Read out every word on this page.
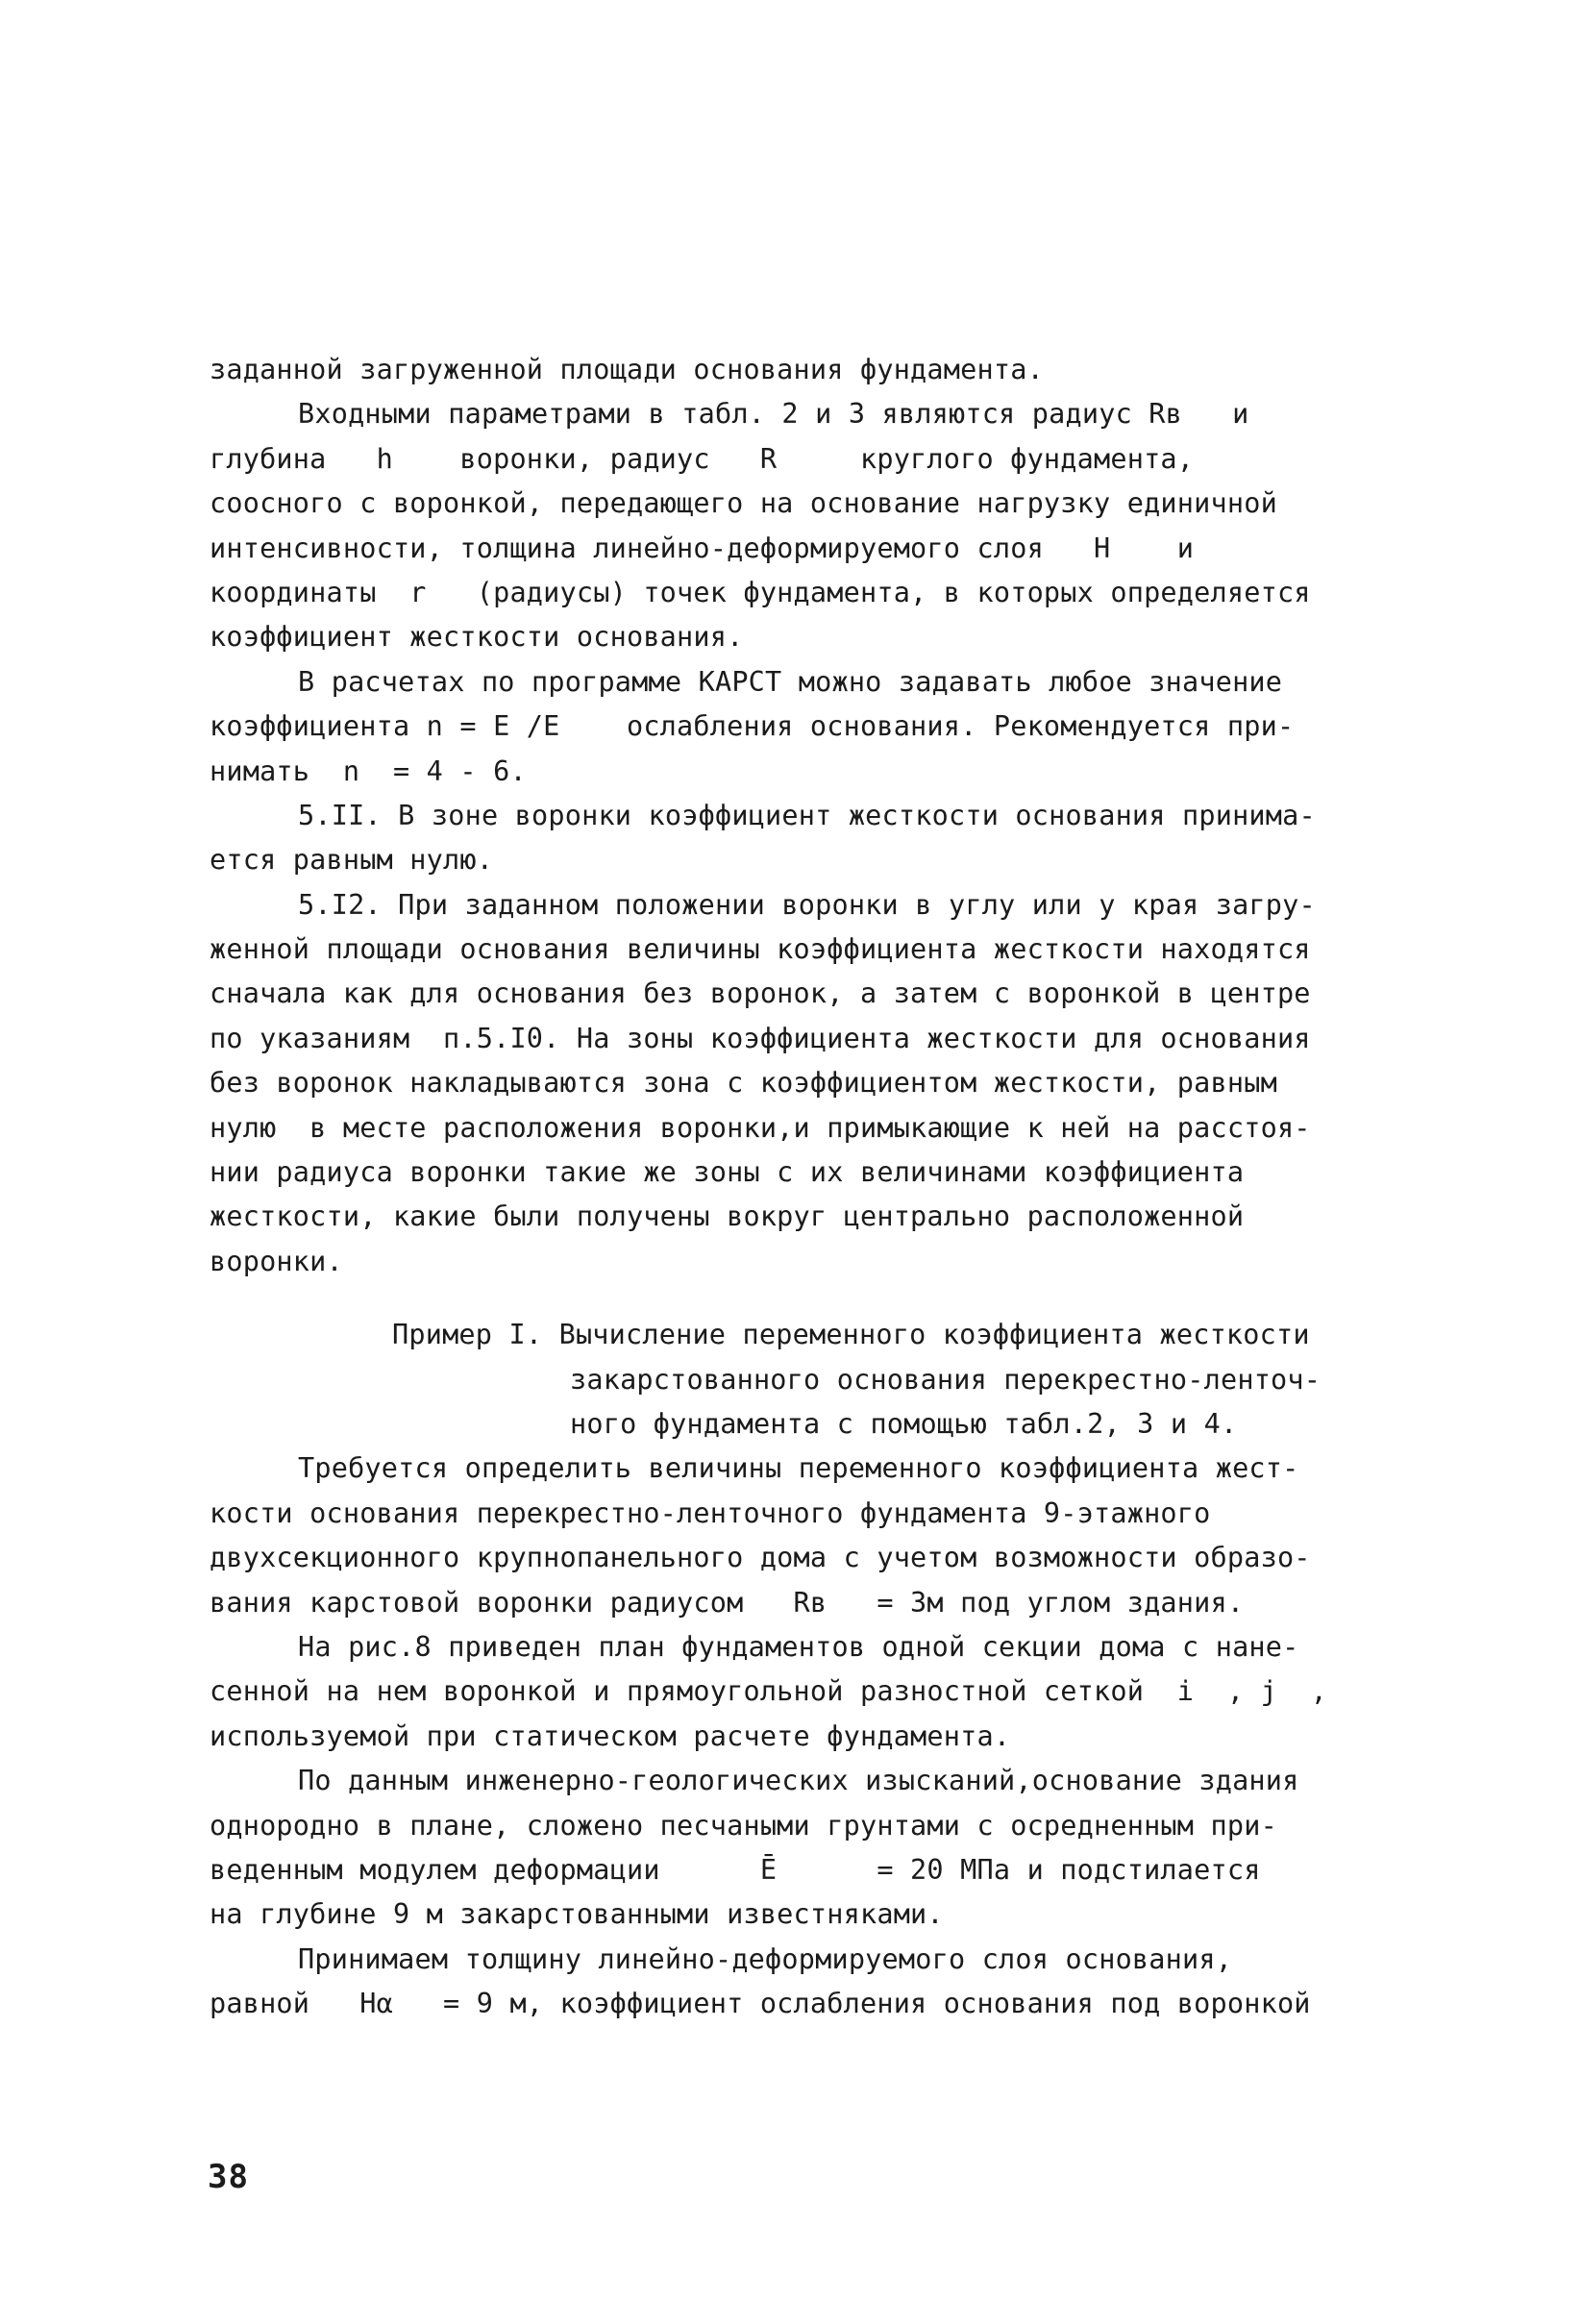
заданной загруженной площади основания фундамента.
Входными параметрами в табл. 2 и 3 являются радиус Rв   и
глубина   h    воронки, радиус   R     круглого фундамента,
соосного с воронкой, передающего на основание нагрузку единичной
интенсивности, толщина линейно-деформируемого слоя   H    и
координаты  r   (радиусы) точек фундамента, в которых определяется
коэффициент жесткости основания.
В расчетах по программе КАРСТ можно задавать любое значение
коэффициента n = E /E    ослабления основания. Рекомендуется при-
нимать  n  = 4 - 6.
5.II. В зоне воронки коэффициент жесткости основания принима-
ется равным нулю.
5.I2. При заданном положении воронки в углу или у края загру-
женной площади основания величины коэффициента жесткости находятся
сначала как для основания без воронок, а затем с воронкой в центре
по указаниям  п.5.I0. На зоны коэффициента жесткости для основания
без воронок накладываются зона с коэффициентом жесткости, равным
нулю  в месте расположения воронки,и примыкающие к ней на расстоя-
нии радиуса воронки такие же зоны с их величинами коэффициента
жесткости, какие были получены вокруг центрально расположенной
воронки.
Пример I. Вычисление переменного коэффициента жесткости
закарстованного основания перекрестно-ленточ-
ного фундамента с помощью табл.2, 3 и 4.
Требуется определить величины переменного коэффициента жест-
кости основания перекрестно-ленточного фундамента 9-этажного
двухсекционного крупнопанельного дома с учетом возможности образо-
вания карстовой воронки радиусом   Rв   = 3м под углом здания.
На рис.8 приведен план фундаментов одной секции дома с нане-
сенной на нем воронкой и прямоугольной разностной сеткой  i  , j  ,
используемой при статическом расчете фундамента.
По данным инженерно-геологических изысканий,основание здания
однородно в плане, сложено песчаными грунтами с осредненным при-
веденным модулем деформации      Ē      = 20 МПа и подстилается
на глубине 9 м закарстованными известняками.
Принимаем толщину линейно-деформируемого слоя основания,
равной   Hα   = 9 м, коэффициент ослабления основания под воронкой
38
